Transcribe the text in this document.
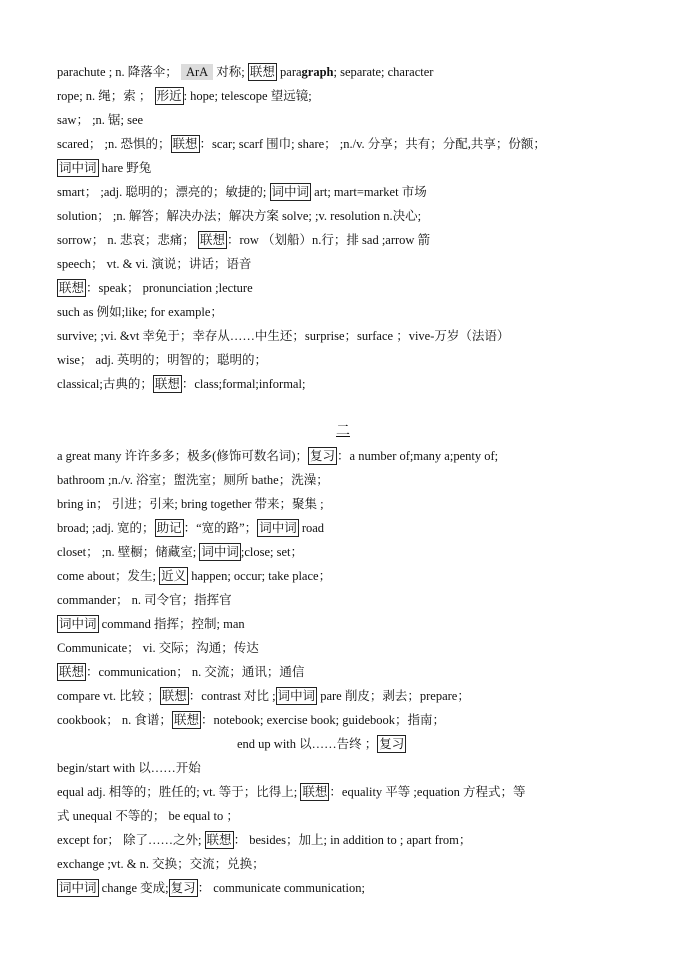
parachute ; n. 降落伞； ArA 对称; 联想 paragraph; separate; character
rope; n. 绳；索 ； 形近 : hope; telescope 望远镜;
saw； ;n. 锯; see
scared； ;n. 恐惧的； 联想 ：scar; scarf 围巾; share； ;n./v. 分享；共有；分配,共享；份额；
词中词 hare 野兔
smart； ;adj. 聪明的；漂亮的；敏捷的; 词中词 art; mart=market 市场
solution； ;n. 解答；解决办法；解决方案 solve; ;v. resolution n.决心;
sorrow； n. 悲哀；悲痛； 联想 ：row （划船）n.行；排 sad ;arrow 箭
speech； vt. & vi. 演说；讲话；语音
联想 ：speak； pronunciation ;lecture
such as 例如;like; for example；
survive; ;vi. &vt 幸免于；幸存从……中生还；surprise；surface ；vive-万岁（法语）
wise； adj. 英明的；明智的；聪明的；
classical;古典的； 联想 ：class;formal;informal;
二
a great many 许许多多；极多(修饰可数名词)； 复习 ：a number of;many a;penty of;
bathroom ;n./v. 浴室；盥洗室；厕所 bathe；洗澡；
bring in； 引进；引来; bring together 带来；聚集 ;
broad; ;adj. 宽的； 助记 ：“宽的路”； 词中词 road
closet； ;n. 壁橱；储藏室; 词中词 ;close; set；
come about；发生; 近义 happen; occur; take place；
commander； n. 司令官；指挥官
词中词 command 指挥；控制; man
Communicate； vi. 交际；沟通；传达
联想 ：communication； n. 交流；通讯；通信
compare vt. 比较 ； 联想 ：contrast 对比 ; 词中词 pare 削皮；剥去；prepare；
cookbook； n. 食谱； 联想 ：notebook; exercise book; guidebook；指南；
end up with 以……告终 ； 复习
begin/start with 以……开始
equal adj. 相等的；胜任的; vt. 等于；比得上; 联想 ：equality 平等 ;equation 方程式；等
式 unequal 不等的； be equal to ；
except for； 除了……之外; 联想 ： besides；加上; in addition to ; apart from；
exchange ;vt. & n. 交换；交流；兑换；
词中词 change 变成; 复习 ： communicate communication;
